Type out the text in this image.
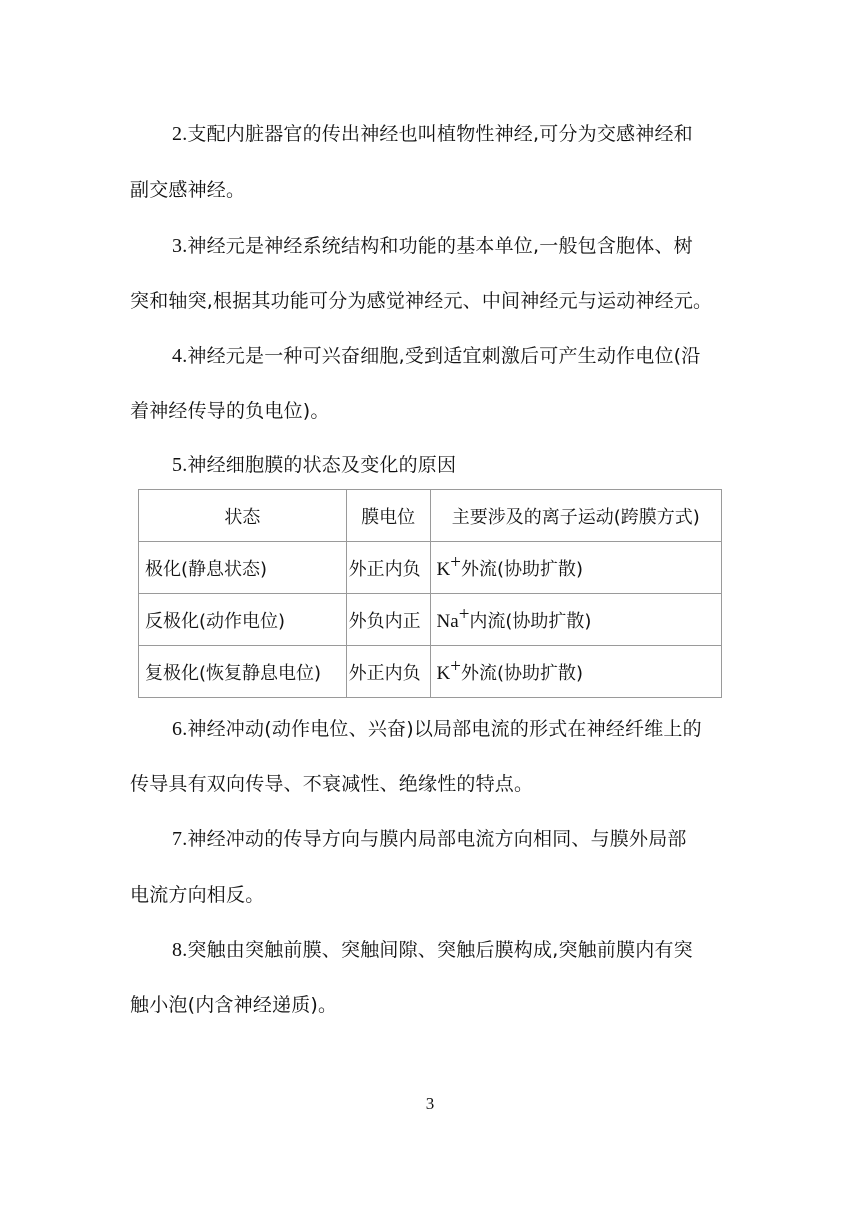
2.支配内脏器官的传出神经也叫植物性神经,可分为交感神经和
副交感神经。
3.神经元是神经系统结构和功能的基本单位,一般包含胞体、树
突和轴突,根据其功能可分为感觉神经元、中间神经元与运动神经元。
4.神经元是一种可兴奋细胞,受到适宜刺激后可产生动作电位(沿
着神经传导的负电位)。
5.神经细胞膜的状态及变化的原因
状态	膜电位	主要涉及的离子运动(跨膜方式)
极化(静息状态)	外正内负	K+外流(协助扩散)
反极化(动作电位)	外负内正	Na+内流(协助扩散)
复极化(恢复静息电位)	外正内负	K+外流(协助扩散)
6.神经冲动(动作电位、兴奋)以局部电流的形式在神经纤维上的
传导具有双向传导、不衰减性、绝缘性的特点。
7.神经冲动的传导方向与膜内局部电流方向相同、与膜外局部
电流方向相反。
8.突触由突触前膜、突触间隙、突触后膜构成,突触前膜内有突
触小泡(内含神经递质)。
3
